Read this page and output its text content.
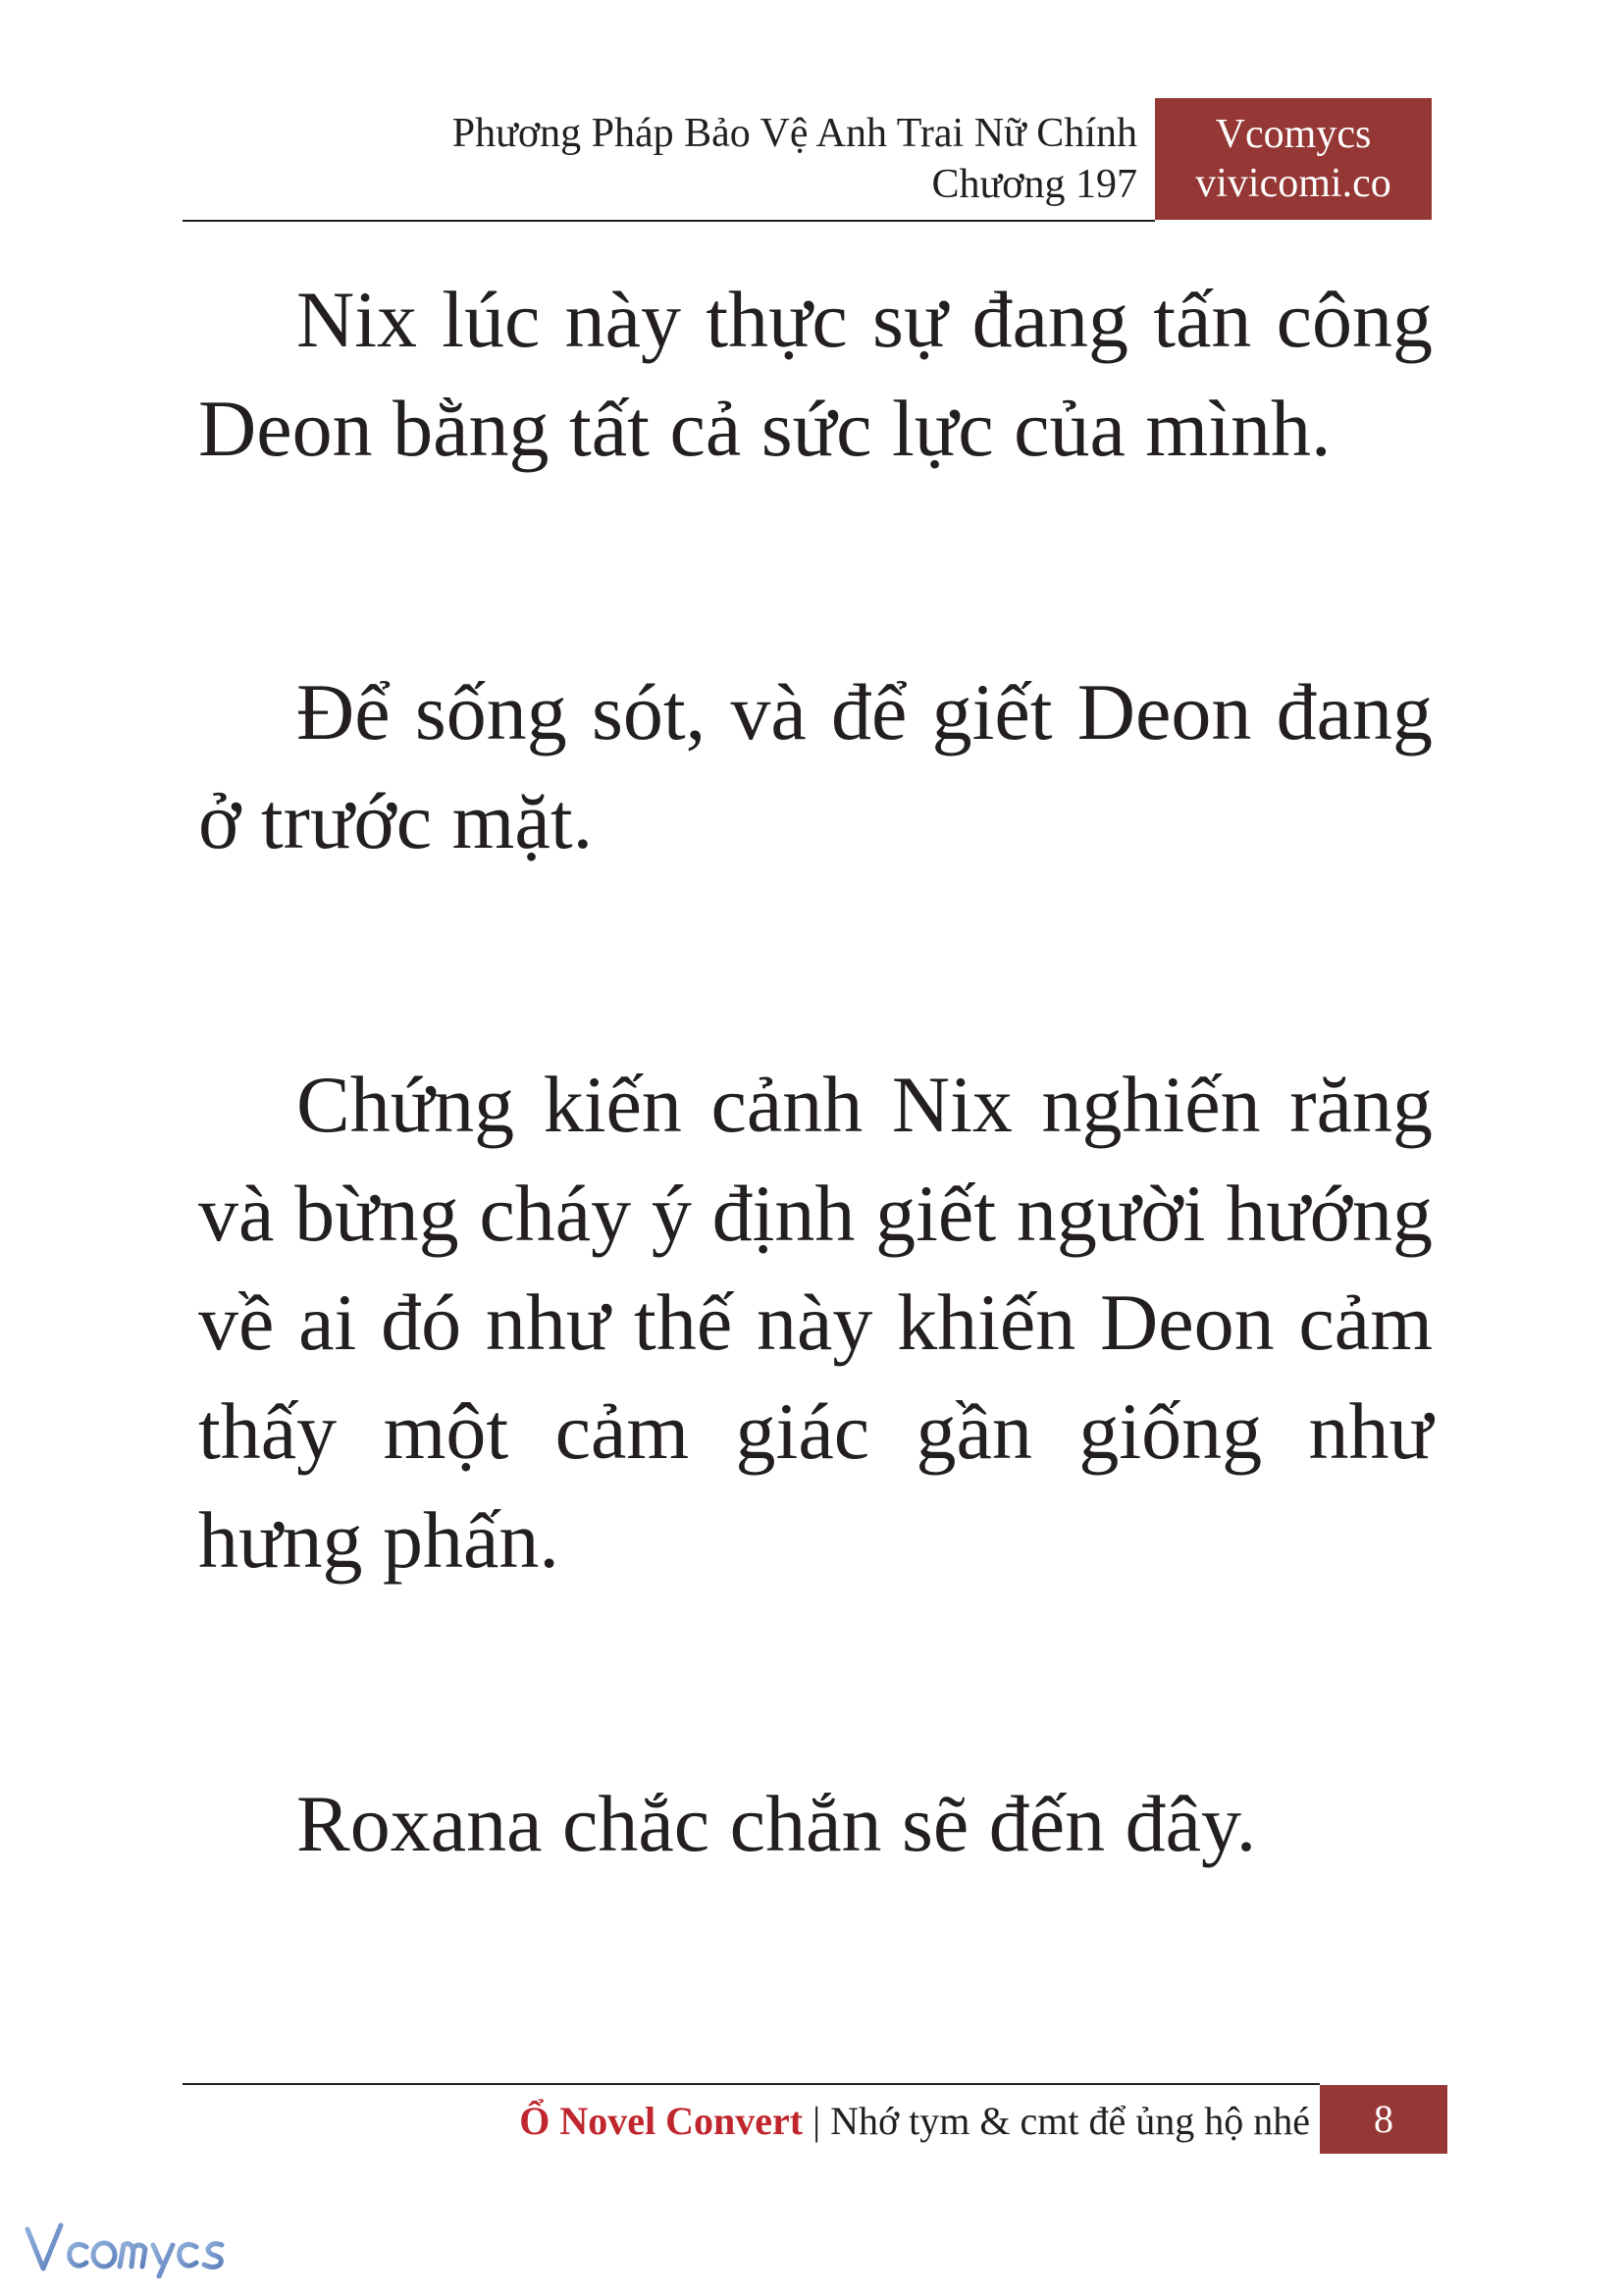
Phương Pháp Bảo Vệ Anh Trai Nữ Chính
Chương 197
Vcomycs
vivicomi.co

Nix lúc này thực sự đang tấn công Deon bằng tất cả sức lực của mình.

Để sống sót, và để giết Deon đang ở trước mặt.

Chứng kiến cảnh Nix nghiến răng và bừng cháy ý định giết người hướng về ai đó như thế này khiến Deon cảm thấy một cảm giác gần giống như hưng phấn.

Roxana chắc chắn sẽ đến đây.

Ổ Novel Convert | Nhớ tym & cmt để ủng hộ nhé	8
